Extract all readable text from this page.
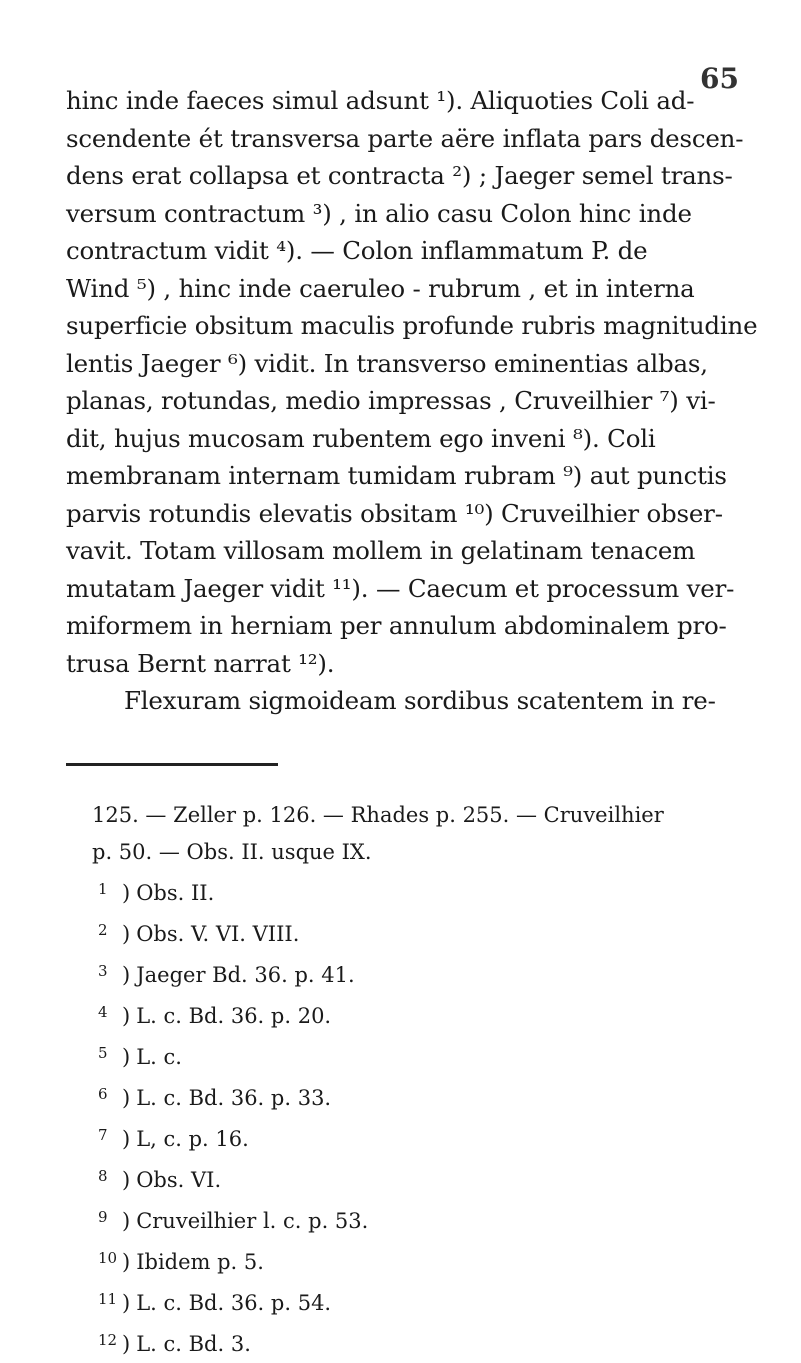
65
hinc inde faeces simul adsunt ¹). Aliquoties Coli ad-
scendente ét transversa parte aëre inflata pars descen-
dens erat collapsa et contracta ²) ; Jaeger semel trans-
versum contractum ³) , in alio casu Colon hinc inde
contractum vidit ⁴). — Colon inflammatum P. de
Wind ⁵) , hinc inde caeruleo - rubrum , et in interna
superficie obsitum maculis profunde rubris magnitudine
lentis Jaeger ⁶) vidit. In transverso eminentias albas,
planas, rotundas, medio impressas , Cruveilhier ⁷) vi-
dit, hujus mucosam rubentem ego inveni ⁸). Coli
membranam internam tumidam rubram ⁹) aut punctis
parvis rotundis elevatis obsitam ¹⁰) Cruveilhier obser-
vavit. Totam villosam mollem in gelatinam tenacem
mutatam Jaeger vidit ¹¹). — Caecum et processum ver-
miformem in herniam per annulum abdominalem pro-
trusa Bernt narrat ¹²).
Flexuram sigmoideam sordibus scatentem in re-
125. — Zeller p. 126. — Rhades p. 255. — Cruveilhier
p. 50. — Obs. II. usque IX.
1 ) Obs. II.
2 ) Obs. V. VI. VIII.
3 ) Jaeger Bd. 36. p. 41.
4 ) L. c. Bd. 36. p. 20.
5 ) L. c.
6 ) L. c. Bd. 36. p. 33.
7 ) L, c. p. 16.
8 ) Obs. VI.
9 ) Cruveilhier l. c. p. 53.
10 ) Ibidem p. 5.
11 ) L. c. Bd. 36. p. 54.
12 ) L. c. Bd. 3.
